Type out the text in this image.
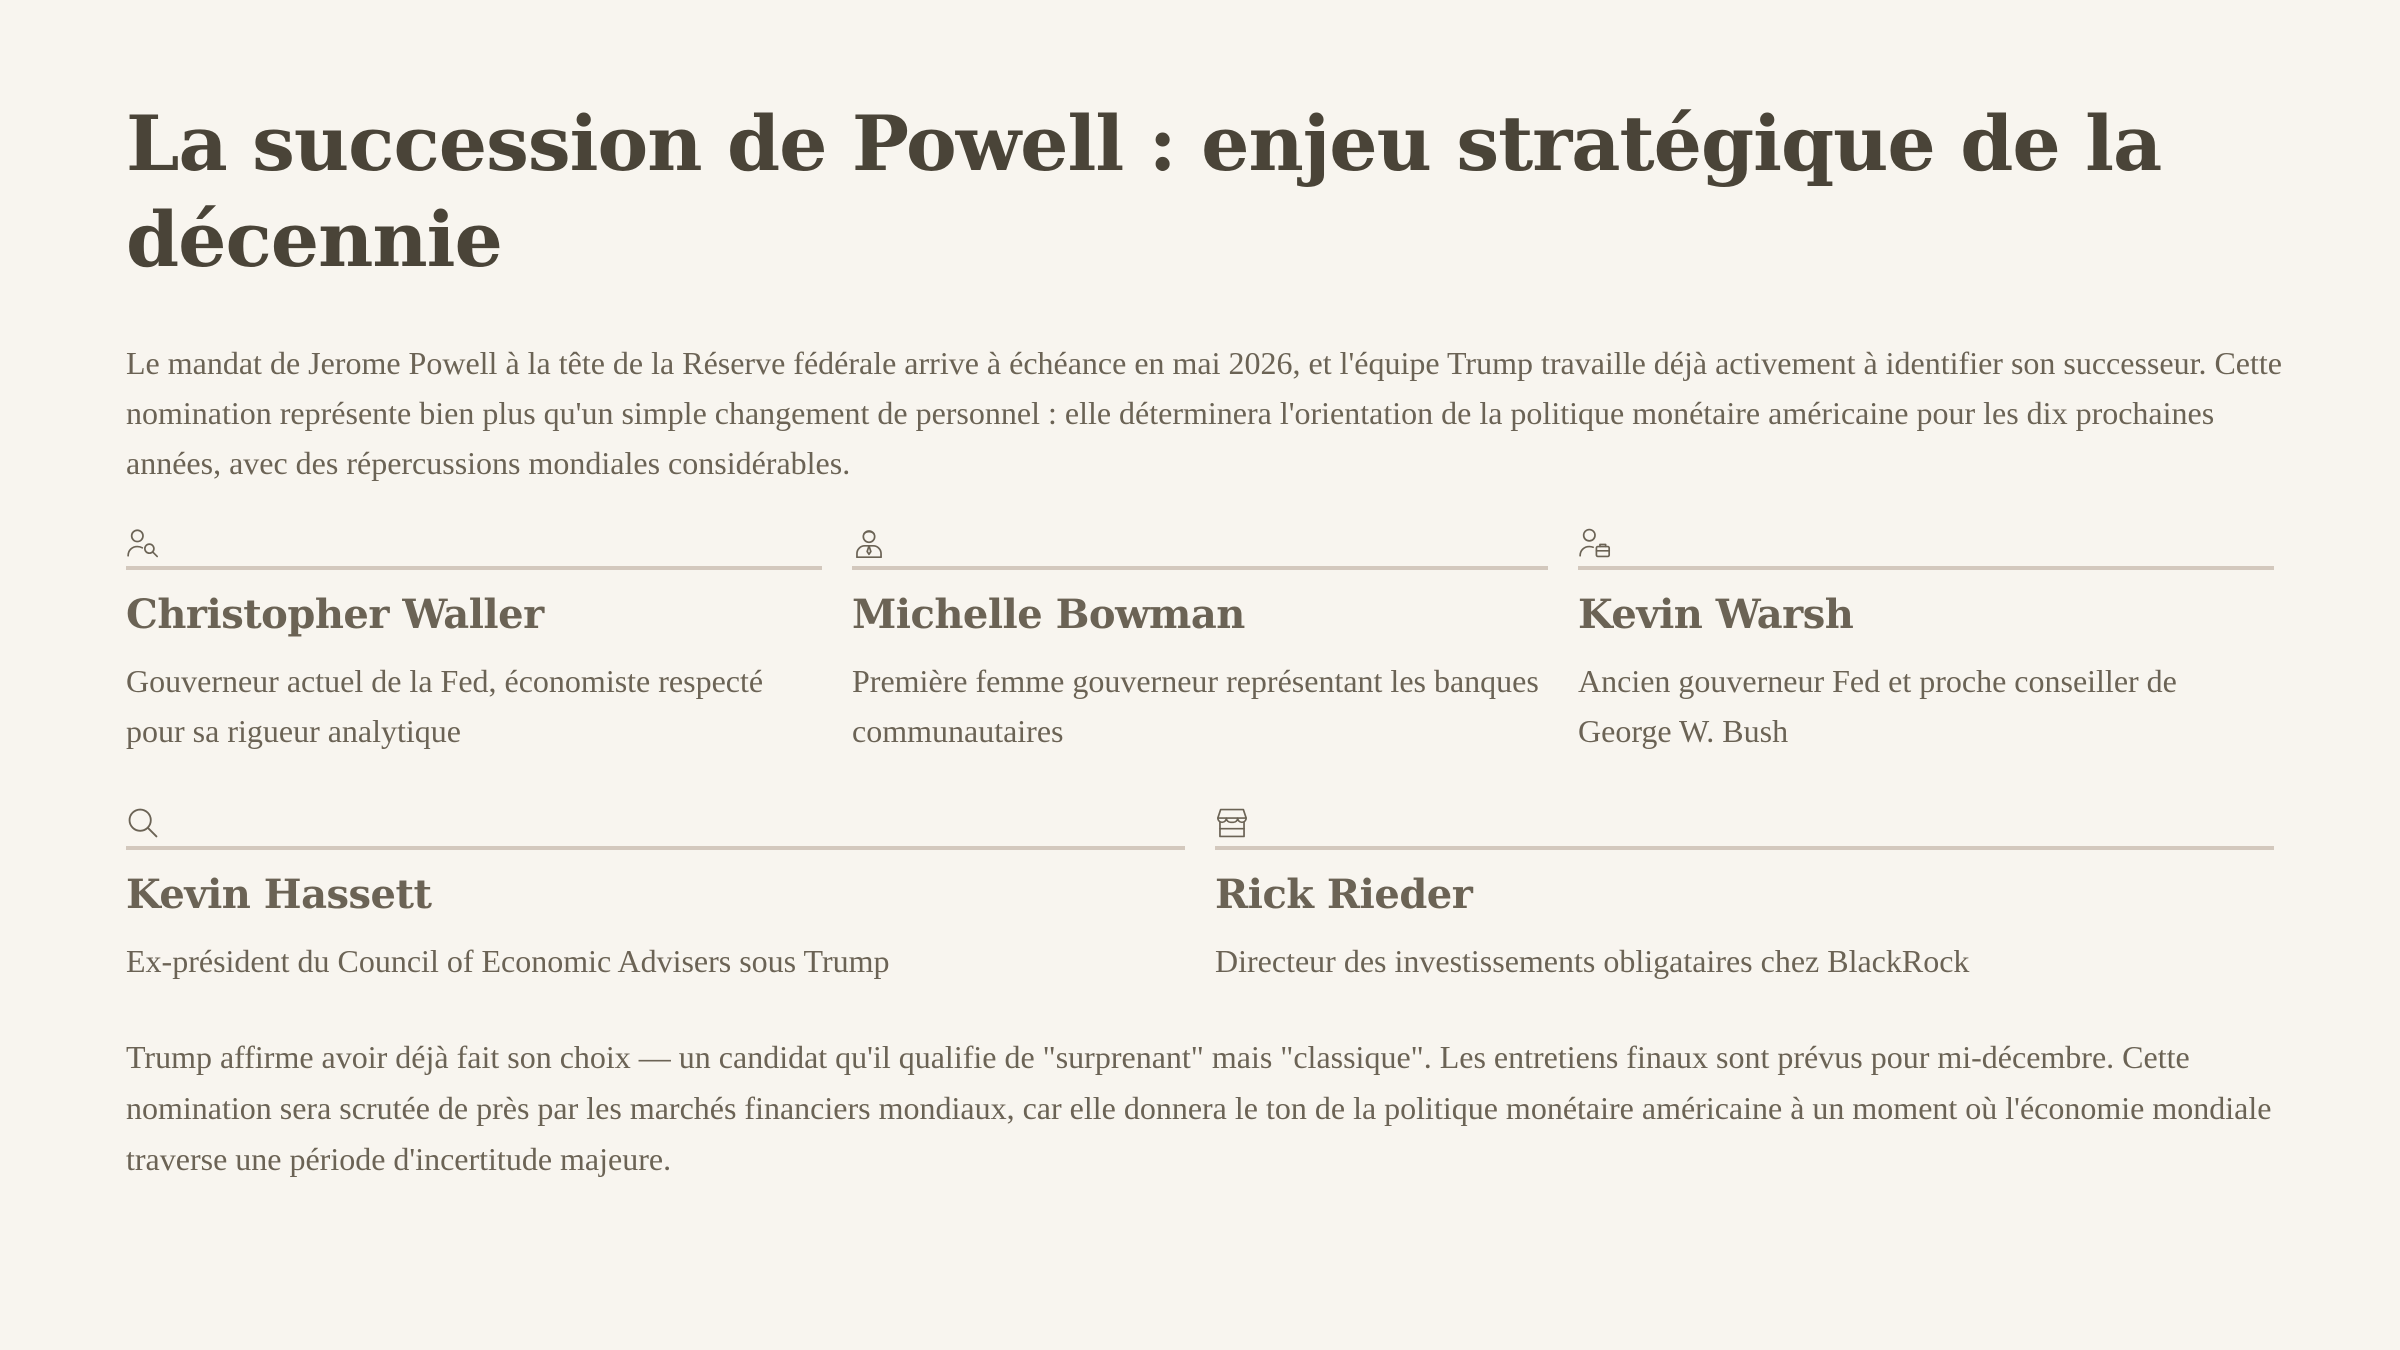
La succession de Powell : enjeu stratégique de la décennie

Le mandat de Jerome Powell à la tête de la Réserve fédérale arrive à échéance en mai 2026, et l'équipe Trump travaille déjà activement à identifier son successeur. Cette nomination représente bien plus qu'un simple changement de personnel : elle déterminera l'orientation de la politique monétaire américaine pour les dix prochaines années, avec des répercussions mondiales considérables.

Christopher Waller
Gouverneur actuel de la Fed, économiste respecté pour sa rigueur analytique
Michelle Bowman
Première femme gouverneur représentant les banques communautaires
Kevin Warsh
Ancien gouverneur Fed et proche conseiller de George W. Bush
Kevin Hassett
Ex-président du Council of Economic Advisers sous Trump
Rick Rieder
Directeur des investissements obligataires chez BlackRock

Trump affirme avoir déjà fait son choix — un candidat qu'il qualifie de "surprenant" mais "classique". Les entretiens finaux sont prévus pour mi-décembre. Cette nomination sera scrutée de près par les marchés financiers mondiaux, car elle donnera le ton de la politique monétaire américaine à un moment où l'économie mondiale traverse une période d'incertitude majeure.
